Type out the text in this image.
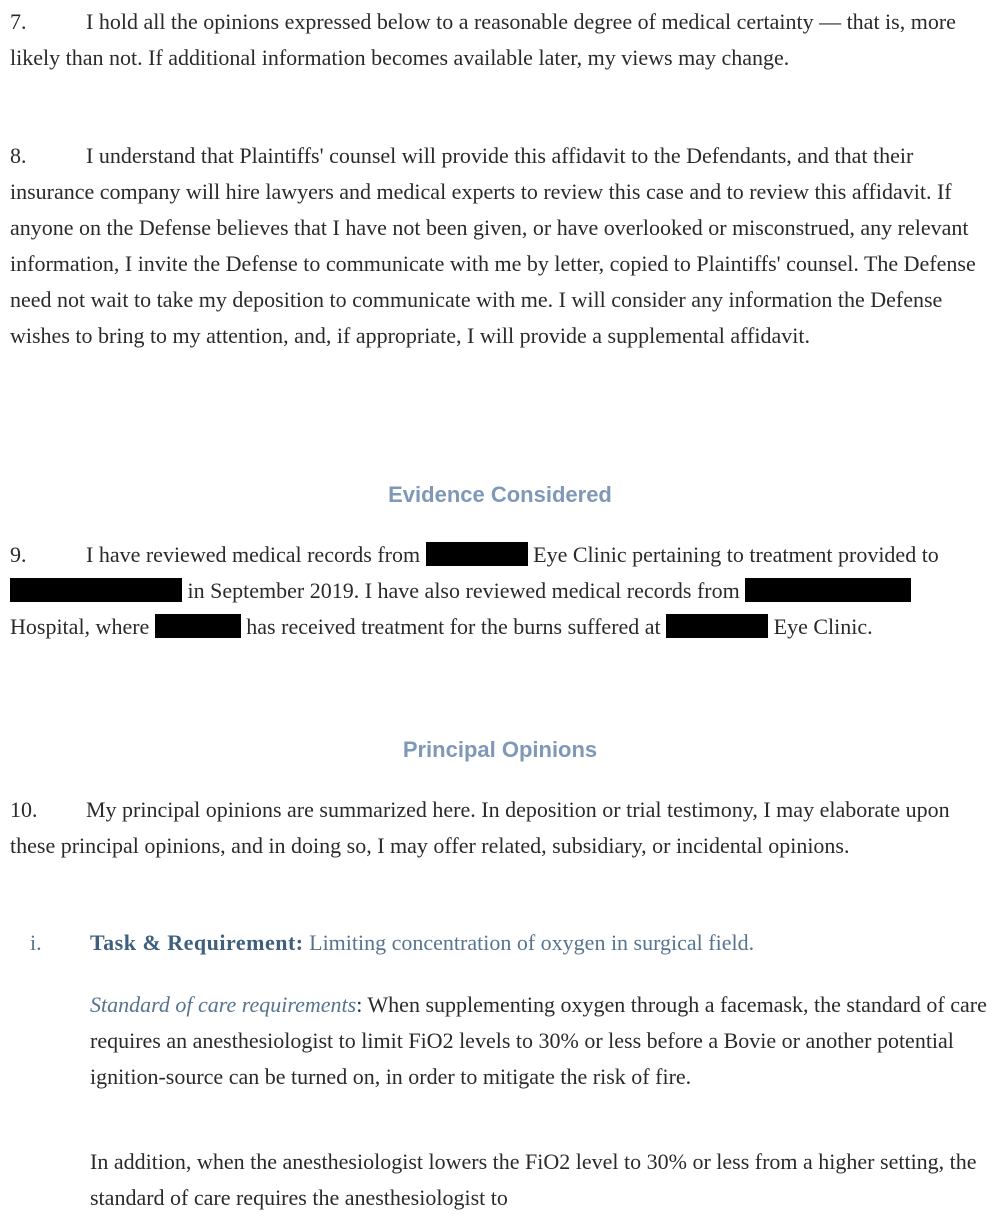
7.	I hold all the opinions expressed below to a reasonable degree of medical certainty — that is, more likely than not. If additional information becomes available later, my views may change.

8.	I understand that Plaintiffs' counsel will provide this affidavit to the Defendants, and that their insurance company will hire lawyers and medical experts to review this case and to review this affidavit. If anyone on the Defense believes that I have not been given, or have overlooked or misconstrued, any relevant information, I invite the Defense to communicate with me by letter, copied to Plaintiffs' counsel. The Defense need not wait to take my deposition to communicate with me. I will consider any information the Defense wishes to bring to my attention, and, if appropriate, I will provide a supplemental affidavit.

Evidence Considered

9.	I have reviewed medical records from	Eye Clinic pertaining to treatment provided to  in September 2019. I have also reviewed medical records from  Hospital, where	has received treatment for the burns suffered at	Eye Clinic.

Principal Opinions

10. My principal opinions are summarized here. In deposition or trial testimony, I may elaborate upon these principal opinions, and in doing so, I may offer related, subsidiary, or incidental opinions.

i. Task & Requirement: Limiting concentration of oxygen in surgical field.

Standard of care requirements: When supplementing oxygen through a facemask, the standard of care requires an anesthesiologist to limit FiO2 levels to 30% or less before a Bovie or another potential ignition-source can be turned on, in order to mitigate the risk of fire.

In addition, when the anesthesiologist lowers the FiO2 level to 30% or less from a higher setting, the standard of care requires the anesthesiologist to
